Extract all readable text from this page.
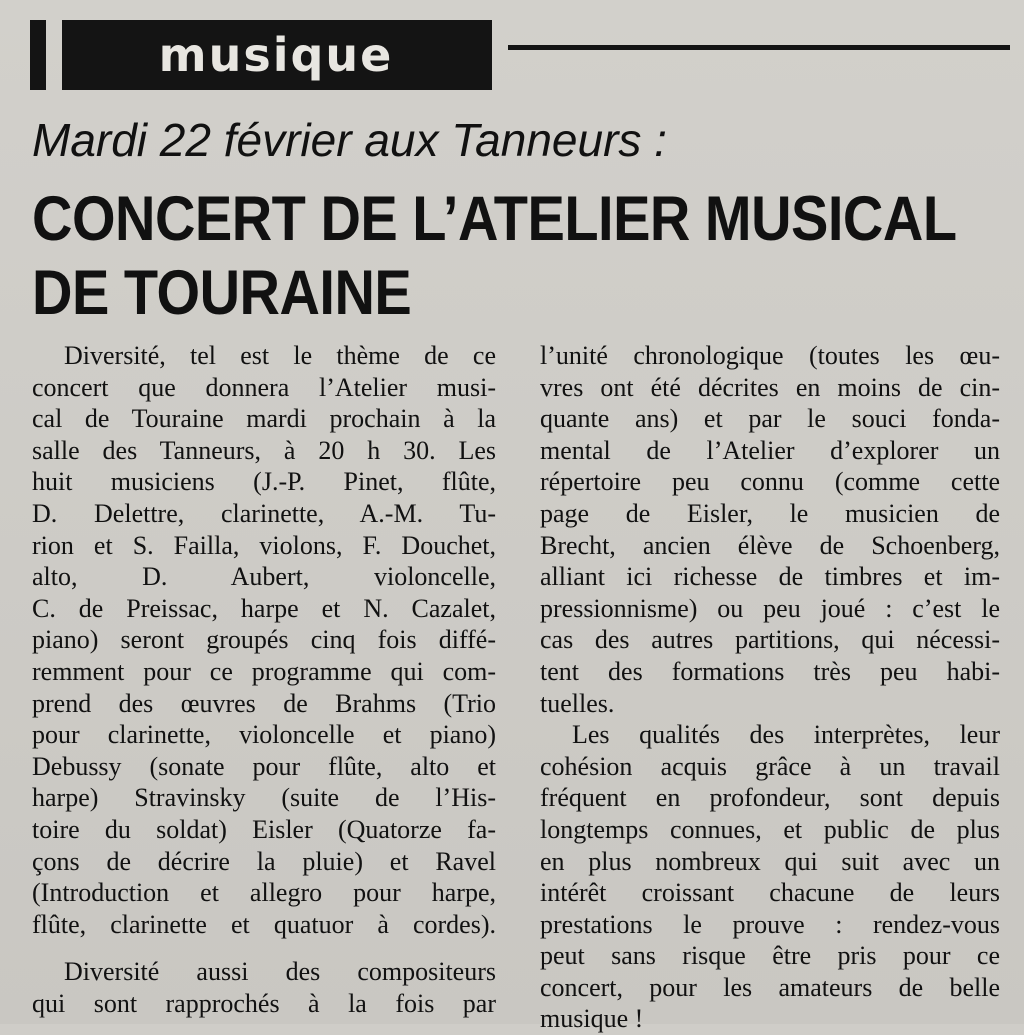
musique
Mardi 22 février aux Tanneurs :
CONCERT DE L’ATELIER MUSICAL
DE TOURAINE
Diversité, tel est le thème de ce
concert que donnera l’Atelier musi-
cal de Touraine mardi prochain à la
salle des Tanneurs, à 20 h 30. Les
huit musiciens (J.-P. Pinet, flûte,
D. Delettre, clarinette, A.-M. Tu-
rion et S. Failla, violons, F. Douchet,
alto, D. Aubert, violoncelle,
C. de Preissac, harpe et N. Cazalet,
piano) seront groupés cinq fois diffé-
remment pour ce programme qui com-
prend des œuvres de Brahms (Trio
pour clarinette, violoncelle et piano)
Debussy (sonate pour flûte, alto et
harpe) Stravinsky (suite de l’His-
toire du soldat) Eisler (Quatorze fa-
çons de décrire la pluie) et Ravel
(Introduction et allegro pour harpe,
flûte, clarinette et quatuor à cordes).
Diversité aussi des compositeurs
qui sont rapprochés à la fois par
l’unité chronologique (toutes les œu-
vres ont été décrites en moins de cin-
quante ans) et par le souci fonda-
mental de l’Atelier d’explorer un
répertoire peu connu (comme cette
page de Eisler, le musicien de
Brecht, ancien élève de Schoenberg,
alliant ici richesse de timbres et im-
pressionnisme) ou peu joué : c’est le
cas des autres partitions, qui nécessi-
tent des formations très peu habi-
tuelles.
Les qualités des interprètes, leur
cohésion acquis grâce à un travail
fréquent en profondeur, sont depuis
longtemps connues, et public de plus
en plus nombreux qui suit avec un
intérêt croissant chacune de leurs
prestations le prouve : rendez-vous
peut sans risque être pris pour ce
concert, pour les amateurs de belle
musique !
